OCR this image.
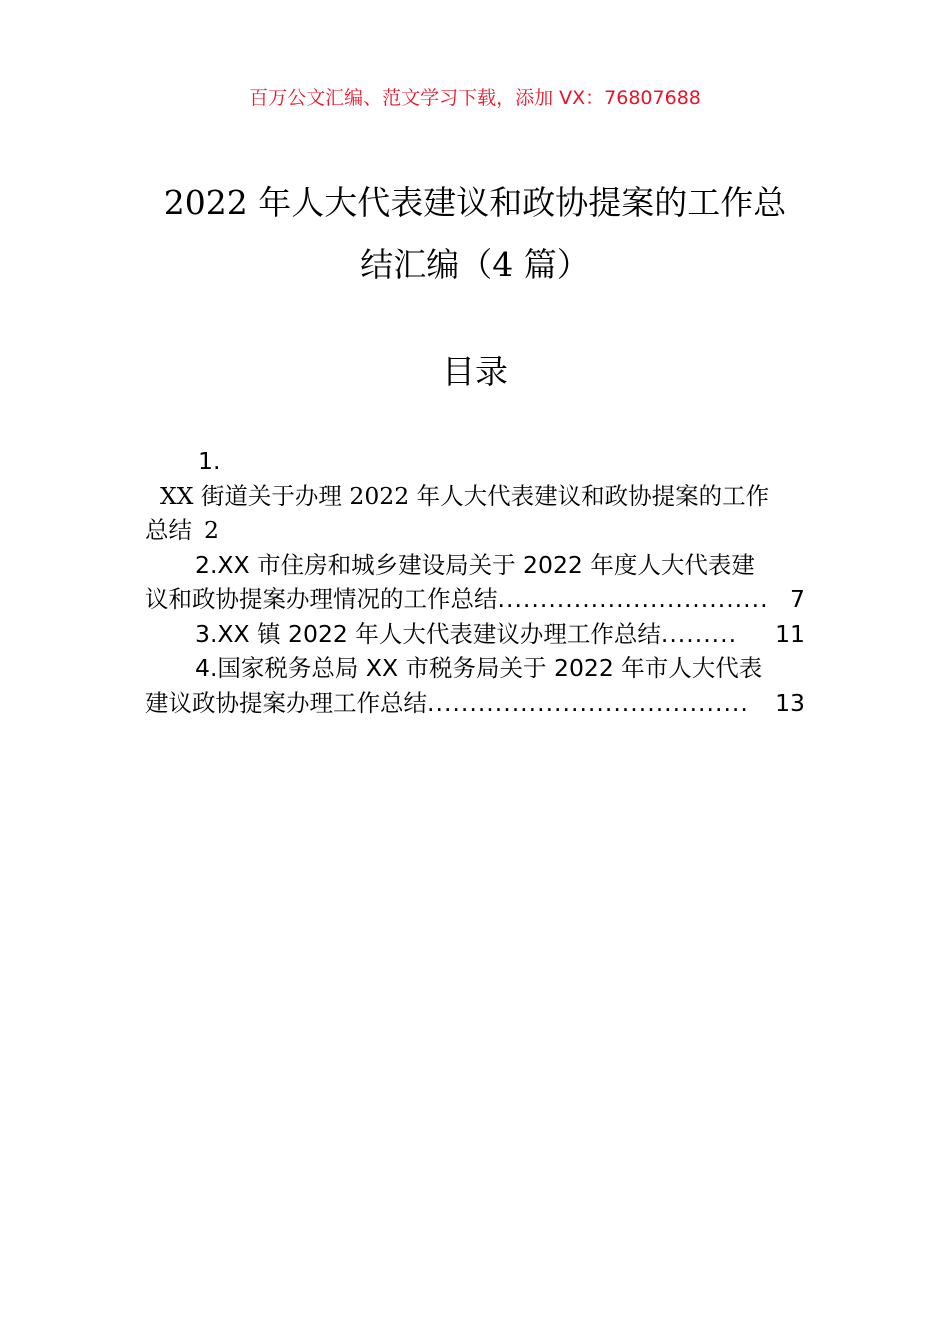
百万公文汇编、范文学习下载，添加 VX：76807688
2022 年人大代表建议和政协提案的工作总
结汇编（4 篇）
目录
1.
XX 街道关于办理 2022 年人大代表建议和政协提案的工作
总结 2
2.XX 市住房和城乡建设局关于 2022 年度人大代表建
议和政协提案办理情况的工作总结 ................................ 7
3.XX 镇 2022 年人大代表建议办理工作总结 .........	11
4.国家税务总局 XX 市税务局关于 2022 年市人大代表
建议政协提案办理工作总结 ......................................	13
